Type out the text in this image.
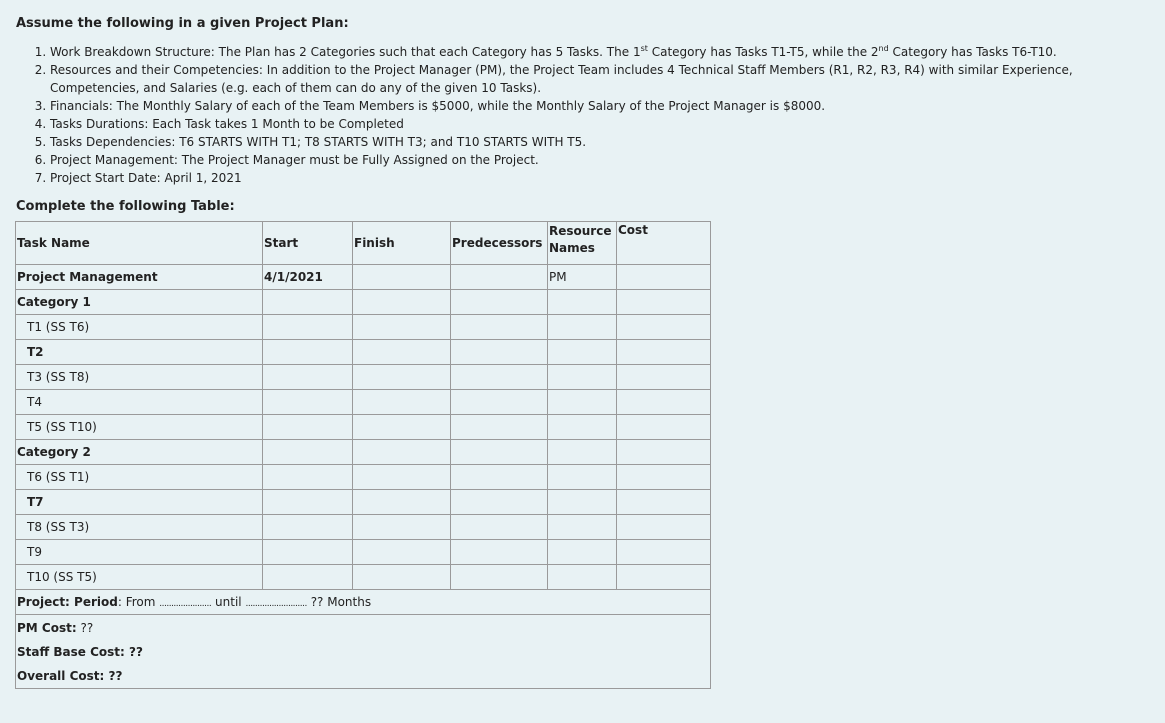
Assume the following in a given Project Plan:
1. Work Breakdown Structure: The Plan has 2 Categories such that each Category has 5 Tasks. The 1st Category has Tasks T1-T5, while the 2nd Category has Tasks T6-T10.
2. Resources and their Competencies: In addition to the Project Manager (PM), the Project Team includes 4 Technical Staff Members (R1, R2, R3, R4) with similar Experience, Competencies, and Salaries (e.g. each of them can do any of the given 10 Tasks).
3. Financials: The Monthly Salary of each of the Team Members is $5000, while the Monthly Salary of the Project Manager is $8000.
4. Tasks Durations: Each Task takes 1 Month to be Completed
5. Tasks Dependencies: T6 STARTS WITH T1; T8 STARTS WITH T3; and T10 STARTS WITH T5.
6. Project Management: The Project Manager must be Fully Assigned on the Project.
7. Project Start Date: April 1, 2021
Complete the following Table:
Task Name	Start	Finish	Predecessors	Resource Names	Cost
Project Management	4/1/2021			PM	
Category 1					
T1 (SS T6)					
T2					
T3 (SS T8)					
T4					
T5 (SS T10)					
Category 2					
T6 (SS T1)					
T7					
T8 (SS T3)					
T9					
T10 (SS T5)					
Project: Period: From ...................... until .......................... ?? Months					

PM Cost: ??
Staff Base Cost: ??
Overall Cost: ??					
